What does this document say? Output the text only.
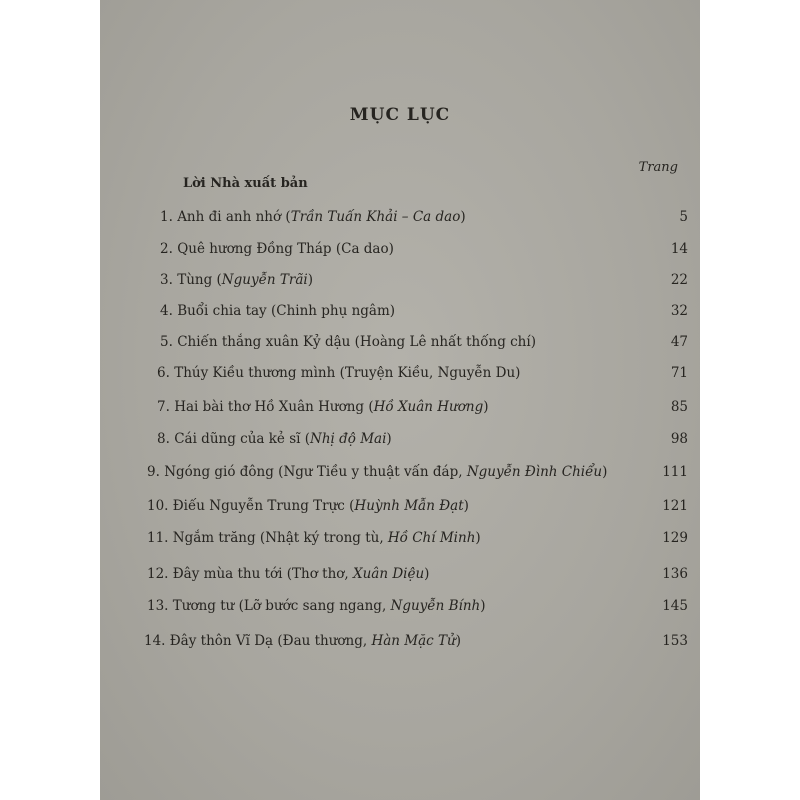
MỤC LỤC
Trang
Lời Nhà xuất bản
1. Anh đi anh nhớ (Trần Tuấn Khải – Ca dao)	5
2. Quê hương Đồng Tháp (Ca dao)	14
3. Tùng (Nguyễn Trãi)	22
4. Buổi chia tay (Chinh phụ ngâm)	32
5. Chiến thắng xuân Kỷ dậu (Hoàng Lê nhất thống chí)	47
6. Thúy Kiều thương mình (Truyện Kiều, Nguyễn Du)	71
7. Hai bài thơ Hồ Xuân Hương (Hồ Xuân Hương)	85
8. Cái dũng của kẻ sĩ (Nhị độ Mai)	98
9. Ngóng gió đông (Ngư Tiều y thuật vấn đáp, Nguyễn Đình Chiểu)	111
10. Điếu Nguyễn Trung Trực (Huỳnh Mẫn Đạt)	121
11. Ngắm trăng (Nhật ký trong tù, Hồ Chí Minh)	129
12. Đây mùa thu tới (Thơ thơ, Xuân Diệu)	136
13. Tương tư (Lỡ bước sang ngang, Nguyễn Bính)	145
14. Đây thôn Vĩ Dạ (Đau thương, Hàn Mặc Tử)	153
